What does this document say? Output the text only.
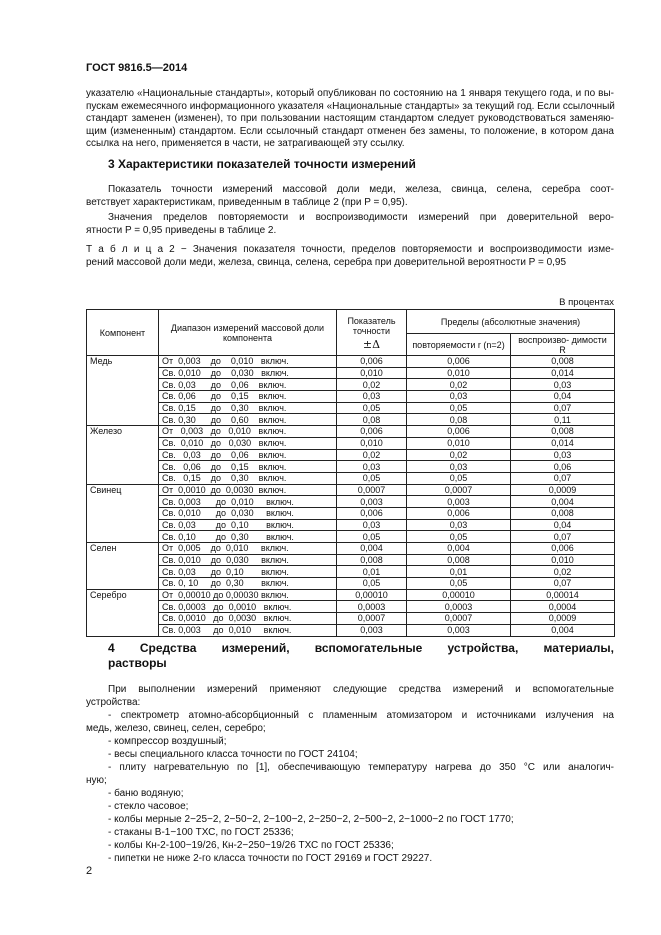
ГОСТ 9816.5—2014
указателю «Национальные стандарты», который опубликован по состоянию на 1 января текущего года, и по вы-
пускам ежемесячного информационного указателя «Национальные стандарты» за текущий год. Если ссылочный
стандарт заменен (изменен), то при пользовании настоящим стандартом следует руководствоваться заменяю-
щим (измененным) стандартом. Если ссылочный стандарт отменен без замены, то положение, в котором дана
ссылка на него, применяется в части, не затрагивающей эту ссылку.
3 Характеристики показателей точности измерений
Показатель точности измерений массовой доли меди, железа, свинца, селена, серебра соот-
ветствует характеристикам, приведенным в таблице 2 (при P = 0,95).
Значения пределов повторяемости и воспроизводимости измерений при доверительной веро-
ятности P = 0,95 приведены в таблице 2.
Т а б л и ц а 2 − Значения показателя точности, пределов повторяемости и воспроизводимости изме-
рений массовой доли меди, железа, свинца, селена, серебра при доверительной вероятности P = 0,95
В процентах
Компонент	Диапазон измерений массовой доли компонента	Показатель точности
±Δ	Пределы (абсолютные значения)	
			повторяемости r (n=2)	воспроизво- димости R
Медь	От  0,003    до    0,010   включ.	0,006	0,006	0,008
	Св. 0,010    до    0,030   включ.	0,010	0,010	0,014
	Св. 0,03      до    0,06    включ.	0,02	0,02	0,03
	Св. 0,06      до    0,15    включ.	0,03	0,03	0,04
	Св. 0,15      до    0,30    включ.	0,05	0,05	0,07
	Св. 0,30      до    0,60    включ.	0,08	0,08	0,11
Железо	От   0,003   до   0,010   включ.	0,006	0,006	0,008
	Св.  0,010   до   0,030   включ.	0,010	0,010	0,014
	Св.   0,03    до    0,06    включ.	0,02	0,02	0,03
	Св.   0,06    до    0,15    включ.	0,03	0,03	0,06
	Св.   0,15    до    0,30    включ.	0,05	0,05	0,07
Свинец	От  0,0010  до  0,0030  включ.	0,0007	0,0007	0,0009
	Св. 0,003      до  0,010     включ.	0,003	0,003	0,004
	Св. 0,010      до  0,030     включ.	0,006	0,006	0,008
	Св. 0,03        до  0,10       включ.	0,03	0,03	0,04
	Св. 0,10        до  0,30       включ.	0,05	0,05	0,07
Селен	От  0,005    до  0,010     включ.	0,004	0,004	0,006
	Св. 0,010    до  0,030     включ.	0,008	0,008	0,010
	Св. 0,03      до  0,10       включ.	0,01	0,01	0,02
	Св. 0, 10     до  0,30       включ.	0,05	0,05	0,07
Серебро	От  0,00010 до 0,00030 включ.	0,00010	0,00010	0,00014
	Св. 0,0003   до  0,0010   включ.	0,0003	0,0003	0,0004
	Св. 0,0010   до  0,0030   включ.	0,0007	0,0007	0,0009
	Св. 0,003     до  0,010     включ.	0,003	0,003	0,004
4 Средства измерений, вспомогательные устройства, материалы,
растворы
При выполнении измерений применяют следующие средства измерений и вспомогательные
устройства:
- спектрометр атомно-абсорбционный с пламенным атомизатором и источниками излучения на
медь, железо, свинец, селен, серебро;
- компрессор воздушный;
- весы специального класса точности по ГОСТ 24104;
- плиту нагревательную по [1], обеспечивающую температуру нагрева до 350 °С или аналогич-
ную;
- баню водяную;
- стекло часовое;
- колбы мерные 2−25−2, 2−50−2, 2−100−2, 2−250−2, 2−500−2, 2−1000−2 по ГОСТ 1770;
- стаканы В-1−100 ТХС, по ГОСТ 25336;
- колбы Кн-2-100−19/26, Кн-2−250−19/26 ТХС по ГОСТ 25336;
- пипетки не ниже 2-го класса точности по ГОСТ 29169 и ГОСТ 29227.
2
